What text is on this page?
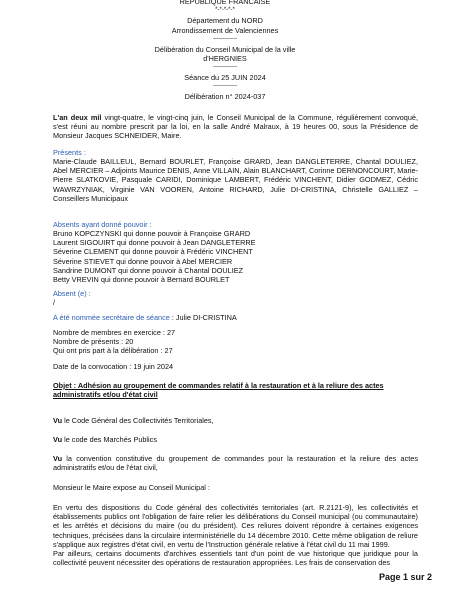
REPUBLIQUE FRANCAISE
*-*-*-*-*
Département du NORD
Arrondissement de Valenciennes
------------
Délibération du Conseil Municipal de la ville
d'HERGNIES
------------
Séance du 25 JUIN 2024
------------
Délibération n° 2024-037
L'an deux mil vingt-quatre, le vingt-cinq juin, le Conseil Municipal de la Commune, régulièrement convoqué, s'est réuni au nombre prescrit par la loi, en la salle André Malraux, à 19 heures 00, sous la Présidence de Monsieur Jacques SCHNEIDER, Maire.
Présents :
Marie-Claude BAILLEUL, Bernard BOURLET, Françoise GRARD, Jean DANGLETERRE, Chantal DOULIEZ, Abel MERCIER – Adjoints Maurice DENIS, Anne VILLAIN, Alain BLANCHART, Corinne DERNONCOURT, Marie-Pierre SLATKOVIE, Pasquale CARIDI, Dominique LAMBERT, Frédéric VINCHENT, Didier GODMEZ, Cédric WAWRZYNIAK, Virginie VAN VOOREN, Antoine RICHARD, Julie DI-CRISTINA, Christelle GALLIEZ – Conseillers Municipaux
Absents ayant donné pouvoir :
Bruno KOPCZYNSKI qui donne pouvoir à Françoise GRARD
Laurent SIGOUIRT qui donne pouvoir à Jean DANGLETERRE
Séverine CLEMENT qui donne pouvoir à Frédéric VINCHENT
Séverine STIEVET qui donne pouvoir à Abel MERCIER
Sandrine DUMONT qui donne pouvoir à Chantal DOULIEZ
Betty VREVIN qui donne pouvoir à Bernard BOURLET
Absent (e) :
/
A été nommée secrétaire de séance : Julie DI-CRISTINA
Nombre de membres en exercice : 27
Nombre de présents : 20
Qui ont pris part à la délibération : 27
Date de la convocation : 19 juin 2024
Objet : Adhésion au groupement de commandes relatif à la restauration et à la reliure des actes administratifs et/ou d'état civil
Vu le Code Général des Collectivités Territoriales,
Vu le code des Marchés Publics
Vu la convention constitutive du groupement de commandes pour la restauration et la reliure des actes administratifs et/ou de l'état civil,
Monsieur le Maire expose au Conseil Municipal :
En vertu des dispositions du Code général des collectivités territoriales (art. R.2121-9), les collectivités et établissements publics ont l'obligation de faire relier les délibérations du Conseil municipal (ou communautaire) et les arrêtés et décisions du maire (ou du président). Ces reliures doivent répondre à certaines exigences techniques, précisées dans la circulaire interministérielle du 14 décembre 2010. Cette même obligation de reliure s'applique aux registres d'état civil, en vertu de l'Instruction générale relative à l'état civil du 11 mai 1999.
Par ailleurs, certains documents d'archives essentiels tant d'un point de vue historique que juridique pour la collectivité peuvent nécessiter des opérations de restauration appropriées. Les frais de conservation des
Page 1 sur 2
